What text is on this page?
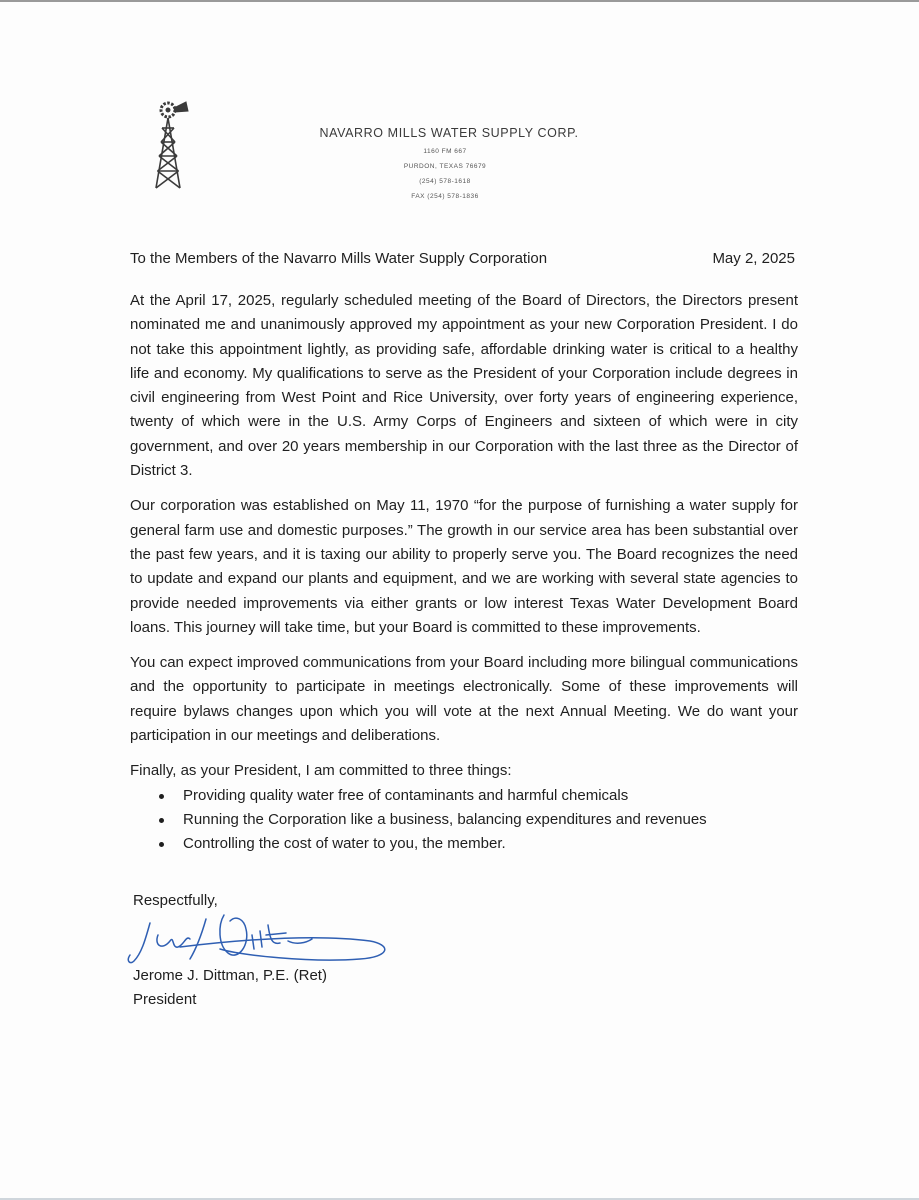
NAVARRO MILLS WATER SUPPLY CORP.
1160 FM 667
PURDON, TEXAS 76679
(254) 578-1618
FAX (254) 578-1836
To the Members of the Navarro Mills Water Supply Corporation	May 2, 2025

At the April 17, 2025, regularly scheduled meeting of the Board of Directors, the Directors present nominated me and unanimously approved my appointment as your new Corporation President. I do not take this appointment lightly, as providing safe, affordable drinking water is critical to a healthy life and economy. My qualifications to serve as the President of your Corporation include degrees in civil engineering from West Point and Rice University, over forty years of engineering experience, twenty of which were in the U.S. Army Corps of Engineers and sixteen of which were in city government, and over 20 years membership in our Corporation with the last three as the Director of District 3.

Our corporation was established on May 11, 1970 “for the purpose of furnishing a water supply for general farm use and domestic purposes.” The growth in our service area has been substantial over the past few years, and it is taxing our ability to properly serve you. The Board recognizes the need to update and expand our plants and equipment, and we are working with several state agencies to provide needed improvements via either grants or low interest Texas Water Development Board loans. This journey will take time, but your Board is committed to these improvements.

You can expect improved communications from your Board including more bilingual communications and the opportunity to participate in meetings electronically. Some of these improvements will require bylaws changes upon which you will vote at the next Annual Meeting. We do want your participation in our meetings and deliberations.

Finally, as your President, I am committed to three things:

Providing quality water free of contaminants and harmful chemicals
Running the Corporation like a business, balancing expenditures and revenues
Controlling the cost of water to you, the member.
Respectfully,
Jerome J. Dittman, P.E. (Ret)
President
